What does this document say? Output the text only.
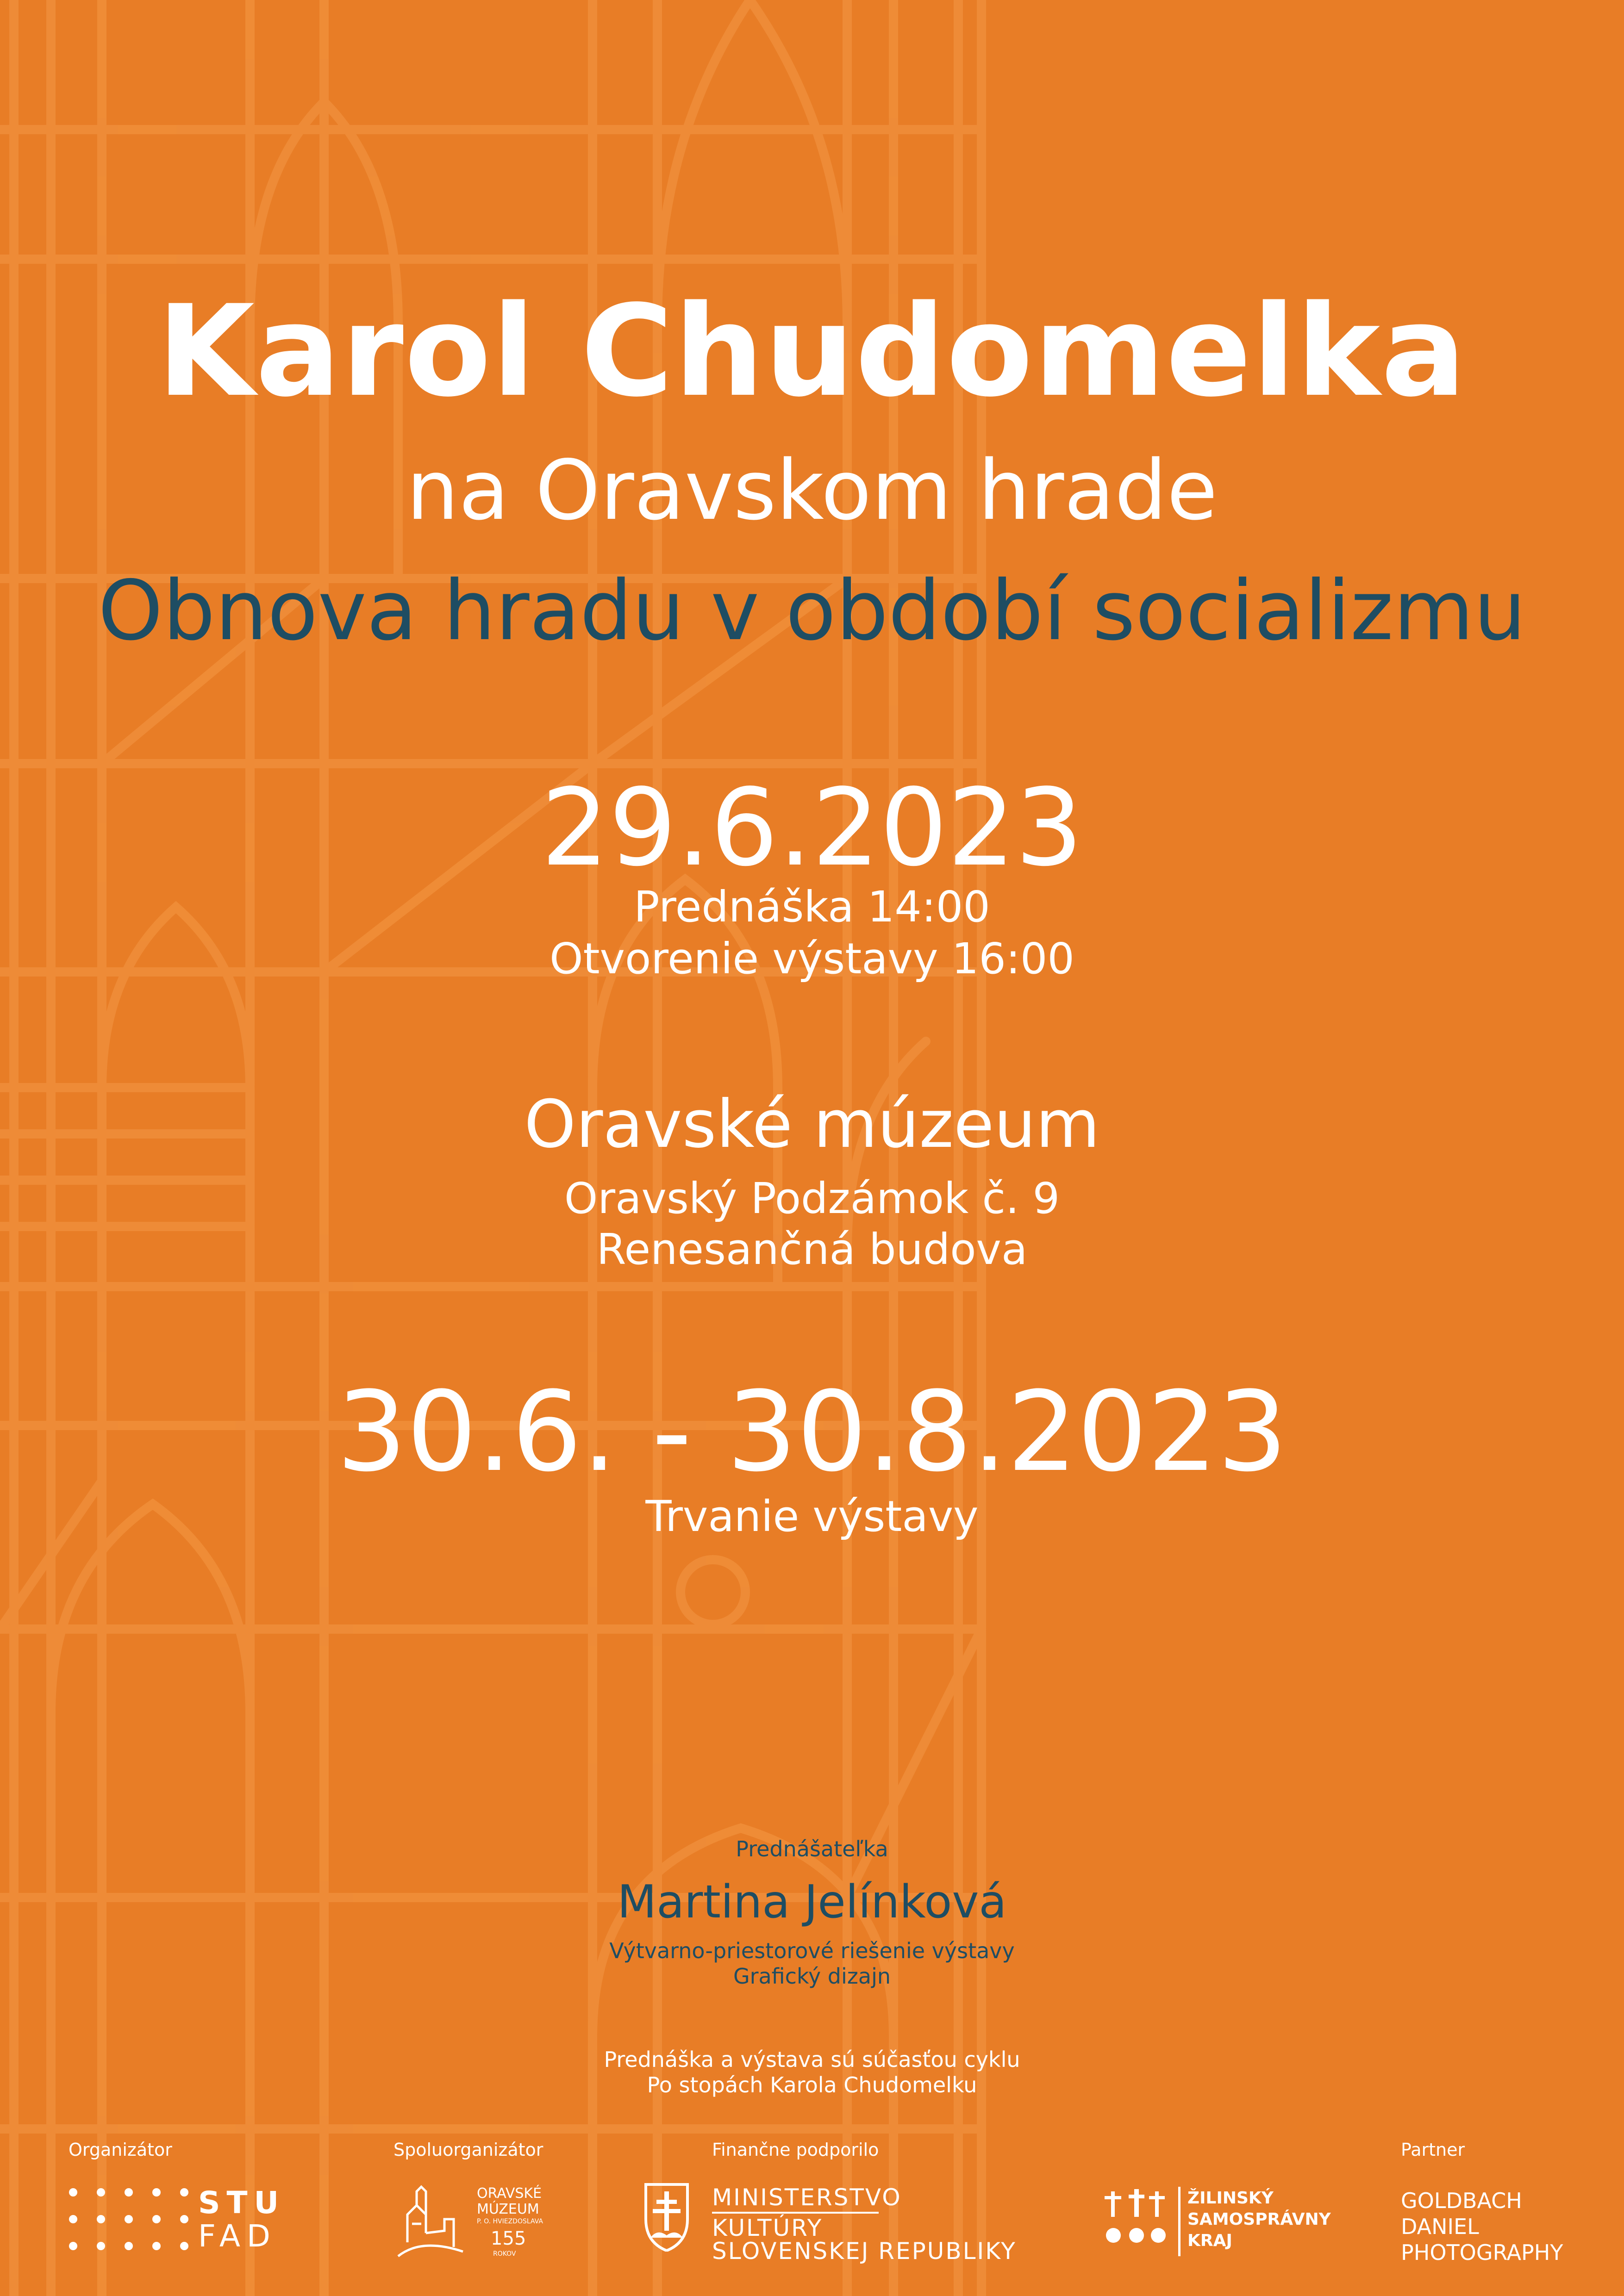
Karol Chudomelka
na Oravskom hrade
Obnova hradu v období socializmu
29.6.2023
Prednáška 14:00
Otvorenie výstavy 16:00
Oravské múzeum
Oravský Podzámok č. 9
Renesančná budova
30.6. - 30.8.2023
Trvanie výstavy
Prednášateľka
Martina Jelínková
Výtvarno-priestorové riešenie výstavy
Grafický dizajn
Prednáška a výstava sú súčasťou cyklu
Po stopách Karola Chudomelku
Organizátor	Spoluorganizátor	Finančne podporilo	Partner
STU
FAD
ORAVSKÉ
MÚZEUM
P. O. HVIEZDOSLAVA
155
ROKOV
MINISTERSTVO
KULTÚRY
SLOVENSKEJ REPUBLIKY
ŽILINSKÝ
SAMOSPRÁVNY
KRAJ
GOLDBACH
DANIEL
PHOTOGRAPHY
